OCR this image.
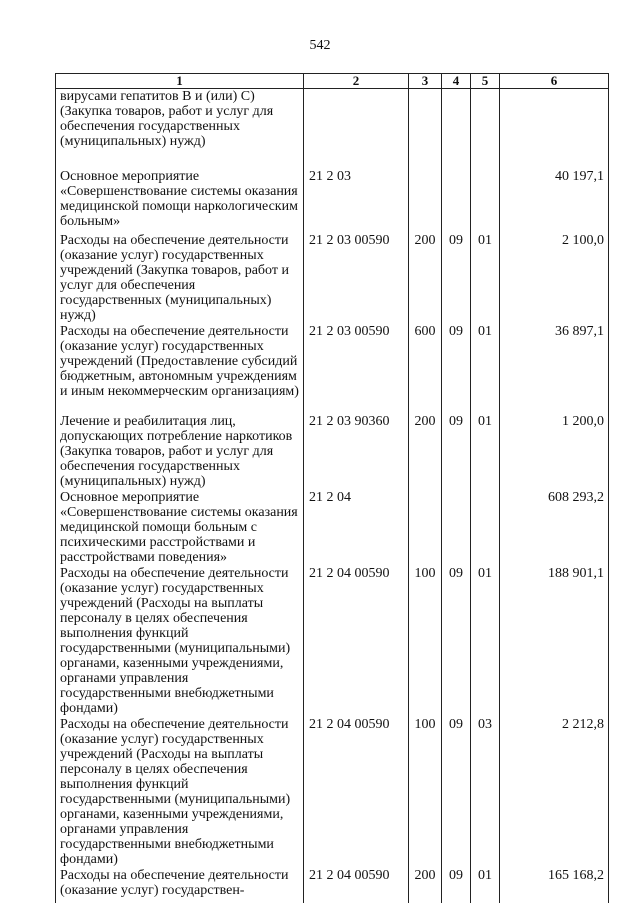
542
1	2	3	4	5	6
вирусами гепатитов В и (или) С) (Закупка товаров, работ и услуг для обеспечения государственных (муниципальных) нужд)					
Основное мероприятие «Совершенствование системы оказания медицинской помощи наркологическим больным»	21 2 03				40 197,1
Расходы на обеспечение деятельности (оказание услуг) государственных учреждений (Закупка товаров, работ и услуг для обеспечения государственных (муниципальных) нужд)	21 2 03 00590	200	09	01	2 100,0
Расходы на обеспечение деятельности (оказание услуг) государственных учреждений (Предоставление субсидий бюджетным, автономным учреждениям и иным некоммерческим организациям)	21 2 03 00590	600	09	01	36 897,1
Лечение и реабилитация лиц, допускающих потребление наркотиков (Закупка товаров, работ и услуг для обеспечения государственных (муниципальных) нужд)	21 2 03 90360	200	09	01	1 200,0
Основное мероприятие «Совершенствование системы оказания медицинской помощи больным с психическими расстройствами и расстройствами поведения»	21 2 04				608 293,2
Расходы на обеспечение деятельности (оказание услуг) государственных учреждений (Расходы на выплаты персоналу в целях обеспечения выполнения функций государственными (муниципальными) органами, казенными учреждениями, органами управления государственными внебюджетными фондами)	21 2 04 00590	100	09	01	188 901,1
Расходы на обеспечение деятельности (оказание услуг) государственных учреждений (Расходы на выплаты персоналу в целях обеспечения выполнения функций государственными (муниципальными) органами, казенными учреждениями, органами управления государственными внебюджетными фондами)	21 2 04 00590	100	09	03	2 212,8
Расходы на обеспечение деятельности (оказание услуг) государствен-	21 2 04 00590	200	09	01	165 168,2
